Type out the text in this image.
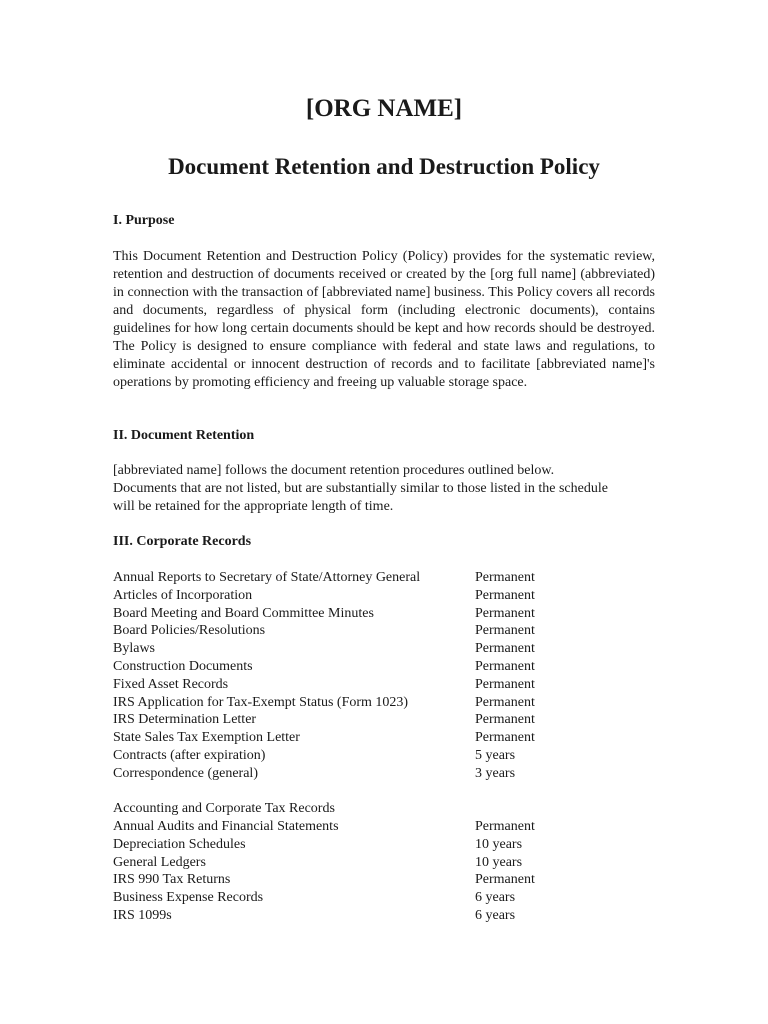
[ORG NAME]
Document Retention and Destruction Policy
I. Purpose

This Document Retention and Destruction Policy (Policy) provides for the systematic review, retention and destruction of documents received or created by the [org full name] (abbreviated) in connection with the transaction of [abbreviated name] business. This Policy covers all records and documents, regardless of physical form (including electronic documents), contains guidelines for how long certain documents should be kept and how records should be destroyed. The Policy is designed to ensure compliance with federal and state laws and regulations, to eliminate accidental or innocent destruction of records and to facilitate [abbreviated name]'s operations by promoting efficiency and freeing up valuable storage space.

II. Document Retention
[abbreviated name] follows the document retention procedures outlined below.
Documents that are not listed, but are substantially similar to those listed in the schedule
will be retained for the appropriate length of time.
III. Corporate Records
Annual Reports to Secretary of State/Attorney General	Permanent
Articles of Incorporation	Permanent
Board Meeting and Board Committee Minutes	Permanent
Board Policies/Resolutions	Permanent
Bylaws	Permanent
Construction Documents	Permanent
Fixed Asset Records	Permanent
IRS Application for Tax-Exempt Status (Form 1023)	Permanent
IRS Determination Letter	Permanent
State Sales Tax Exemption Letter	Permanent
Contracts (after expiration)	5 years
Correspondence (general)	3 years
Accounting and Corporate Tax Records
Annual Audits and Financial Statements	Permanent
Depreciation Schedules	10 years
General Ledgers	10 years
IRS 990 Tax Returns	Permanent
Business Expense Records	6 years
IRS 1099s	6 years
